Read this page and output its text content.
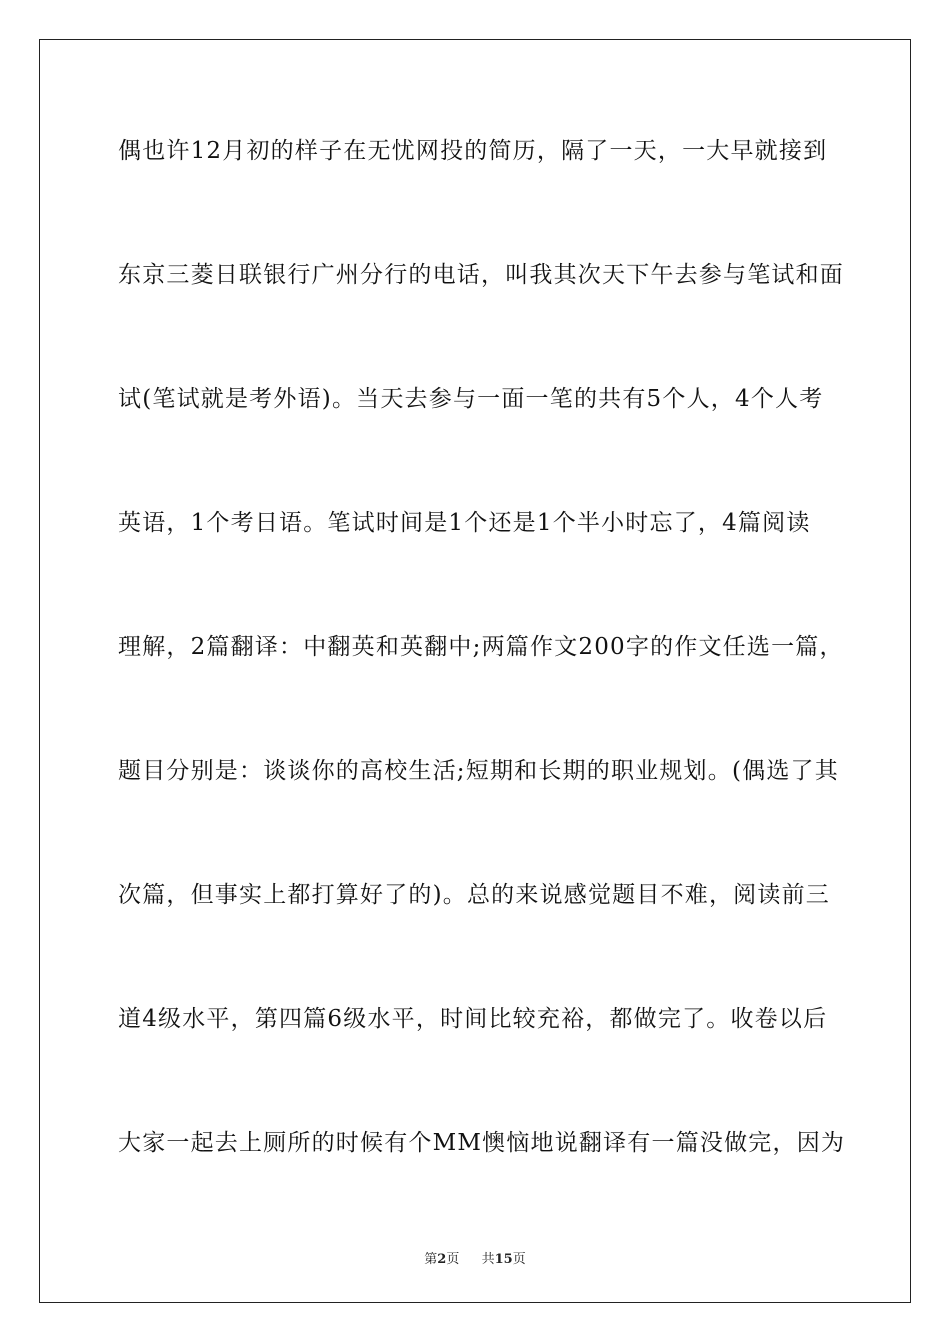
偶也许12月初的样子在无忧网投的简历，隔了一天，一大早就接到
东京三菱日联银行广州分行的电话，叫我其次天下午去参与笔试和面
试(笔试就是考外语)。当天去参与一面一笔的共有5个人，4个人考
英语，1个考日语。笔试时间是1个还是1个半小时忘了，4篇阅读
理解，2篇翻译：中翻英和英翻中;两篇作文200字的作文任选一篇，
题目分别是：谈谈你的高校生活;短期和长期的职业规划。(偶选了其
次篇，但事实上都打算好了的)。总的来说感觉题目不难，阅读前三
道4级水平，第四篇6级水平，时间比较充裕，都做完了。收卷以后
大家一起去上厕所的时候有个MM懊恼地说翻译有一篇没做完，因为
第2页 共15页
